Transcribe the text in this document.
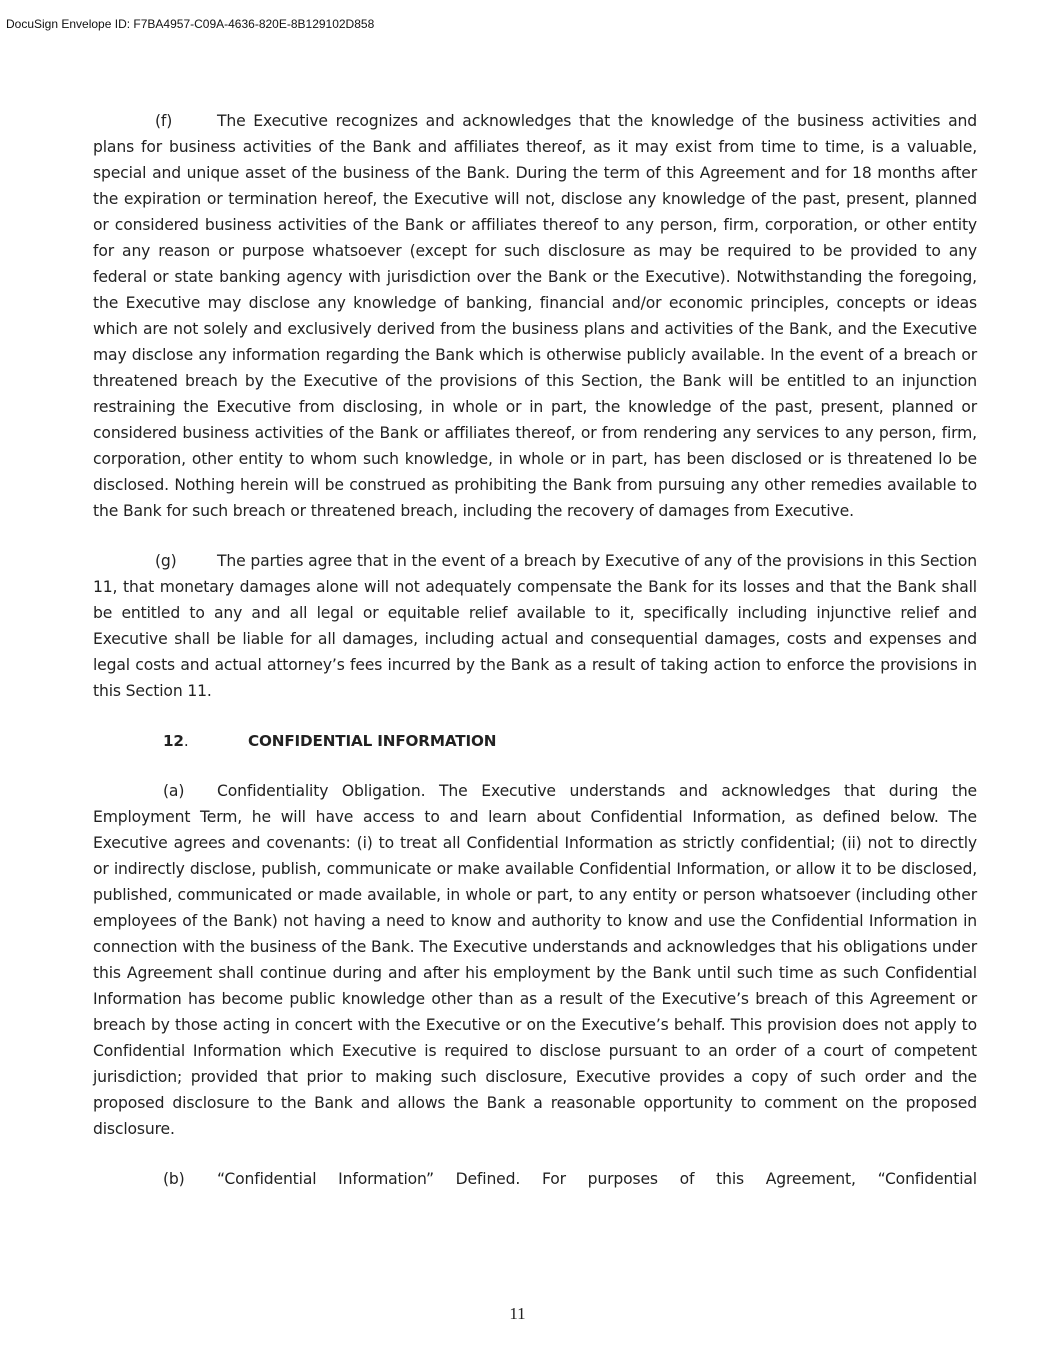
DocuSign Envelope ID: F7BA4957-C09A-4636-820E-8B129102D858

(f)	The Executive recognizes and acknowledges that the knowledge of the business activities and plans for business activities of the Bank and affiliates thereof, as it may exist from time to time, is a valuable, special and unique asset of the business of the Bank. During the term of this Agreement and for 18 months after the expiration or termination hereof, the Executive will not, disclose any knowledge of the past, present, planned or considered business activities of the Bank or affiliates thereof to any person, firm, corporation, or other entity for any reason or purpose whatsoever (except for such disclosure as may be required to be provided to any federal or state banking agency with jurisdiction over the Bank or the Executive). Notwithstanding the foregoing, the Executive may disclose any knowledge of banking, financial and/or economic principles, concepts or ideas which are not solely and exclusively derived from the business plans and activities of the Bank, and the Executive may disclose any information regarding the Bank which is otherwise publicly available. ln the event of a breach or threatened breach by the Executive of the provisions of this Section, the Bank will be entitled to an injunction restraining the Executive from disclosing, in whole or in part, the knowledge of the past, present, planned or considered business activities of the Bank or affiliates thereof, or from rendering any services to any person, firm, corporation, other entity to whom such knowledge, in whole or in part, has been disclosed or is threatened lo be disclosed. Nothing herein will be construed as prohibiting the Bank from pursuing any other remedies available to the Bank for such breach or threatened breach, including the recovery of damages from Executive.

(g)	The parties agree that in the event of a breach by Executive of any of the provisions in this Section 11, that monetary damages alone will not adequately compensate the Bank for its losses and that the Bank shall be entitled to any and all legal or equitable relief available to it, specifically including injunctive relief and Executive shall be liable for all damages, including actual and consequential damages, costs and expenses and legal costs and actual attorney’s fees incurred by the Bank as a result of taking action to enforce the provisions in this Section 11.

12.	CONFIDENTIAL INFORMATION

(a) Confidentiality Obligation. The Executive understands and acknowledges that during the Employment Term, he will have access to and learn about Confidential Information, as defined below. The Executive agrees and covenants: (i) to treat all Confidential Information as strictly confidential; (ii) not to directly or indirectly disclose, publish, communicate or make available Confidential Information, or allow it to be disclosed, published, communicated or made available, in whole or part, to any entity or person whatsoever (including other employees of the Bank) not having a need to know and authority to know and use the Confidential Information in connection with the business of the Bank. The Executive understands and acknowledges that his obligations under this Agreement shall continue during and after his employment by the Bank until such time as such Confidential Information has become public knowledge other than as a result of the Executive’s breach of this Agreement or breach by those acting in concert with the Executive or on the Executive’s behalf. This provision does not apply to Confidential Information which Executive is required to disclose pursuant to an order of a court of competent jurisdiction; provided that prior to making such disclosure, Executive provides a copy of such order and the proposed disclosure to the Bank and allows the Bank a reasonable opportunity to comment on the proposed disclosure.

(b) “Confidential Information” Defined. For purposes of this Agreement, “Confidential

11
